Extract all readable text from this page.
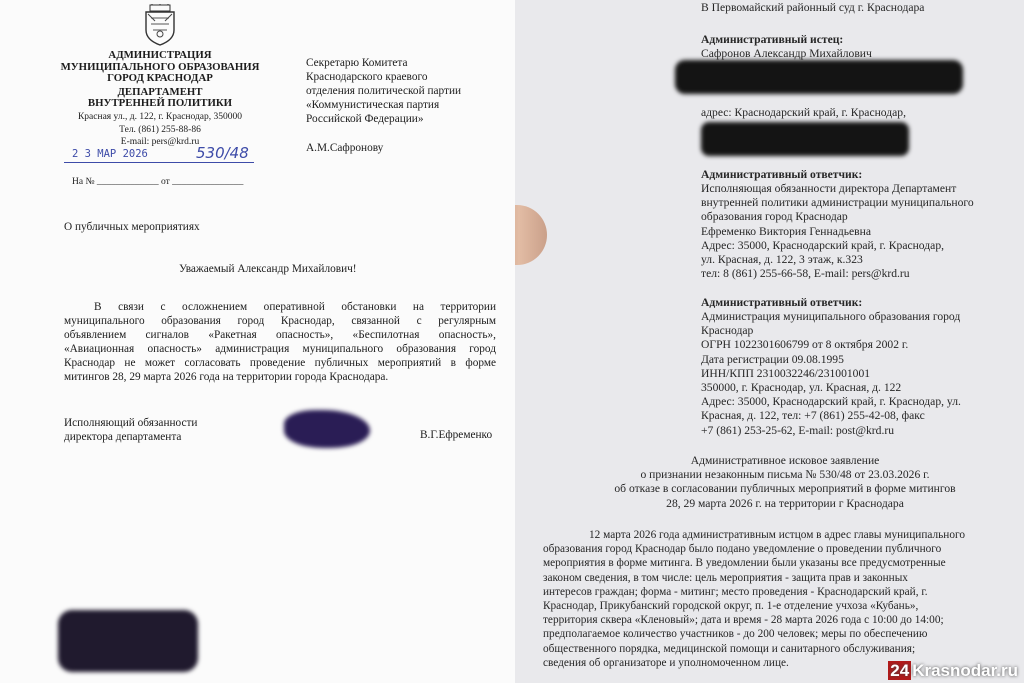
АДМИНИСТРАЦИЯ
МУНИЦИПАЛЬНОГО ОБРАЗОВАНИЯ
ГОРОД КРАСНОДАР
ДЕПАРТАМЕНТ
ВНУТРЕННЕЙ ПОЛИТИКИ
Красная ул., д. 122, г. Краснодар, 350000
Тел. (861) 255-88-86
E-mail: pers@krd.ru
2 3 МАР 2026	530/48
На № _____________ от _______________
Секретарю Комитета
Краснодарского краевого
отделения политической партии
«Коммунистическая партия
Российской Федерации»
А.М.Сафронову
О публичных мероприятиях
Уважаемый Александр Михайлович!
В связи с осложнением оперативной обстановки на территории
муниципального образования город Краснодар, связанной с регулярным
объявлением сигналов «Ракетная опасность», «Беспилотная опасность»,
«Авиационная опасность» администрация муниципального образования город
Краснодар не может согласовать проведение публичных мероприятий в форме
митингов 28, 29 марта 2026 года на территории города Краснодара.
Исполняющий обязанности
директора департамента	В.Г.Ефременко
В Первомайский районный суд г. Краснодара
Административный истец:
Сафронов Александр Михайлович
адрес: Краснодарский край, г. Краснодар,
Административный ответчик:
Исполняющая обязанности директора Департамент
внутренней политики администрации муниципального
образования город Краснодар
Ефременко Виктория Геннадьевна
Адрес: 35000, Краснодарский край, г. Краснодар,
ул. Красная, д. 122, 3 этаж, к.323
тел: 8 (861) 255-66-58, E-mail: pers@krd.ru
Административный ответчик:
Администрация муниципального образования город
Краснодар
ОГРН 1022301606799 от 8 октября 2002 г.
Дата регистрации 09.08.1995
ИНН/КПП 2310032246/231001001
350000, г. Краснодар, ул. Красная, д. 122
Адрес: 35000, Краснодарский край, г. Краснодар, ул.
Красная, д. 122, тел: +7 (861) 255-42-08, факс
+7 (861) 253-25-62, E-mail: post@krd.ru
Административное исковое заявление
о признании незаконным письма № 530/48 от 23.03.2026 г.
об отказе в согласовании публичных мероприятий в форме митингов
28, 29 марта 2026 г. на территории г Краснодара
12 марта 2026 года административным истцом в адрес главы муниципального
образования город Краснодар было подано уведомление о проведении публичного
мероприятия в форме митинга. В уведомлении были указаны все предусмотренные
законом сведения, в том числе: цель мероприятия - защита прав и законных
интересов граждан; форма - митинг; место проведения - Краснодарский край, г.
Краснодар, Прикубанский городской округ, п. 1-е отделение учхоза «Кубань»,
территория сквера «Кленовый»; дата и время - 28 марта 2026 года с 10:00 до 14:00;
предполагаемое количество участников - до 200 человек; меры по обеспечению
общественного порядка, медицинской помощи и санитарного обслуживания;
сведения об организаторе и уполномоченном лице.	24 Krasnodar.ru
